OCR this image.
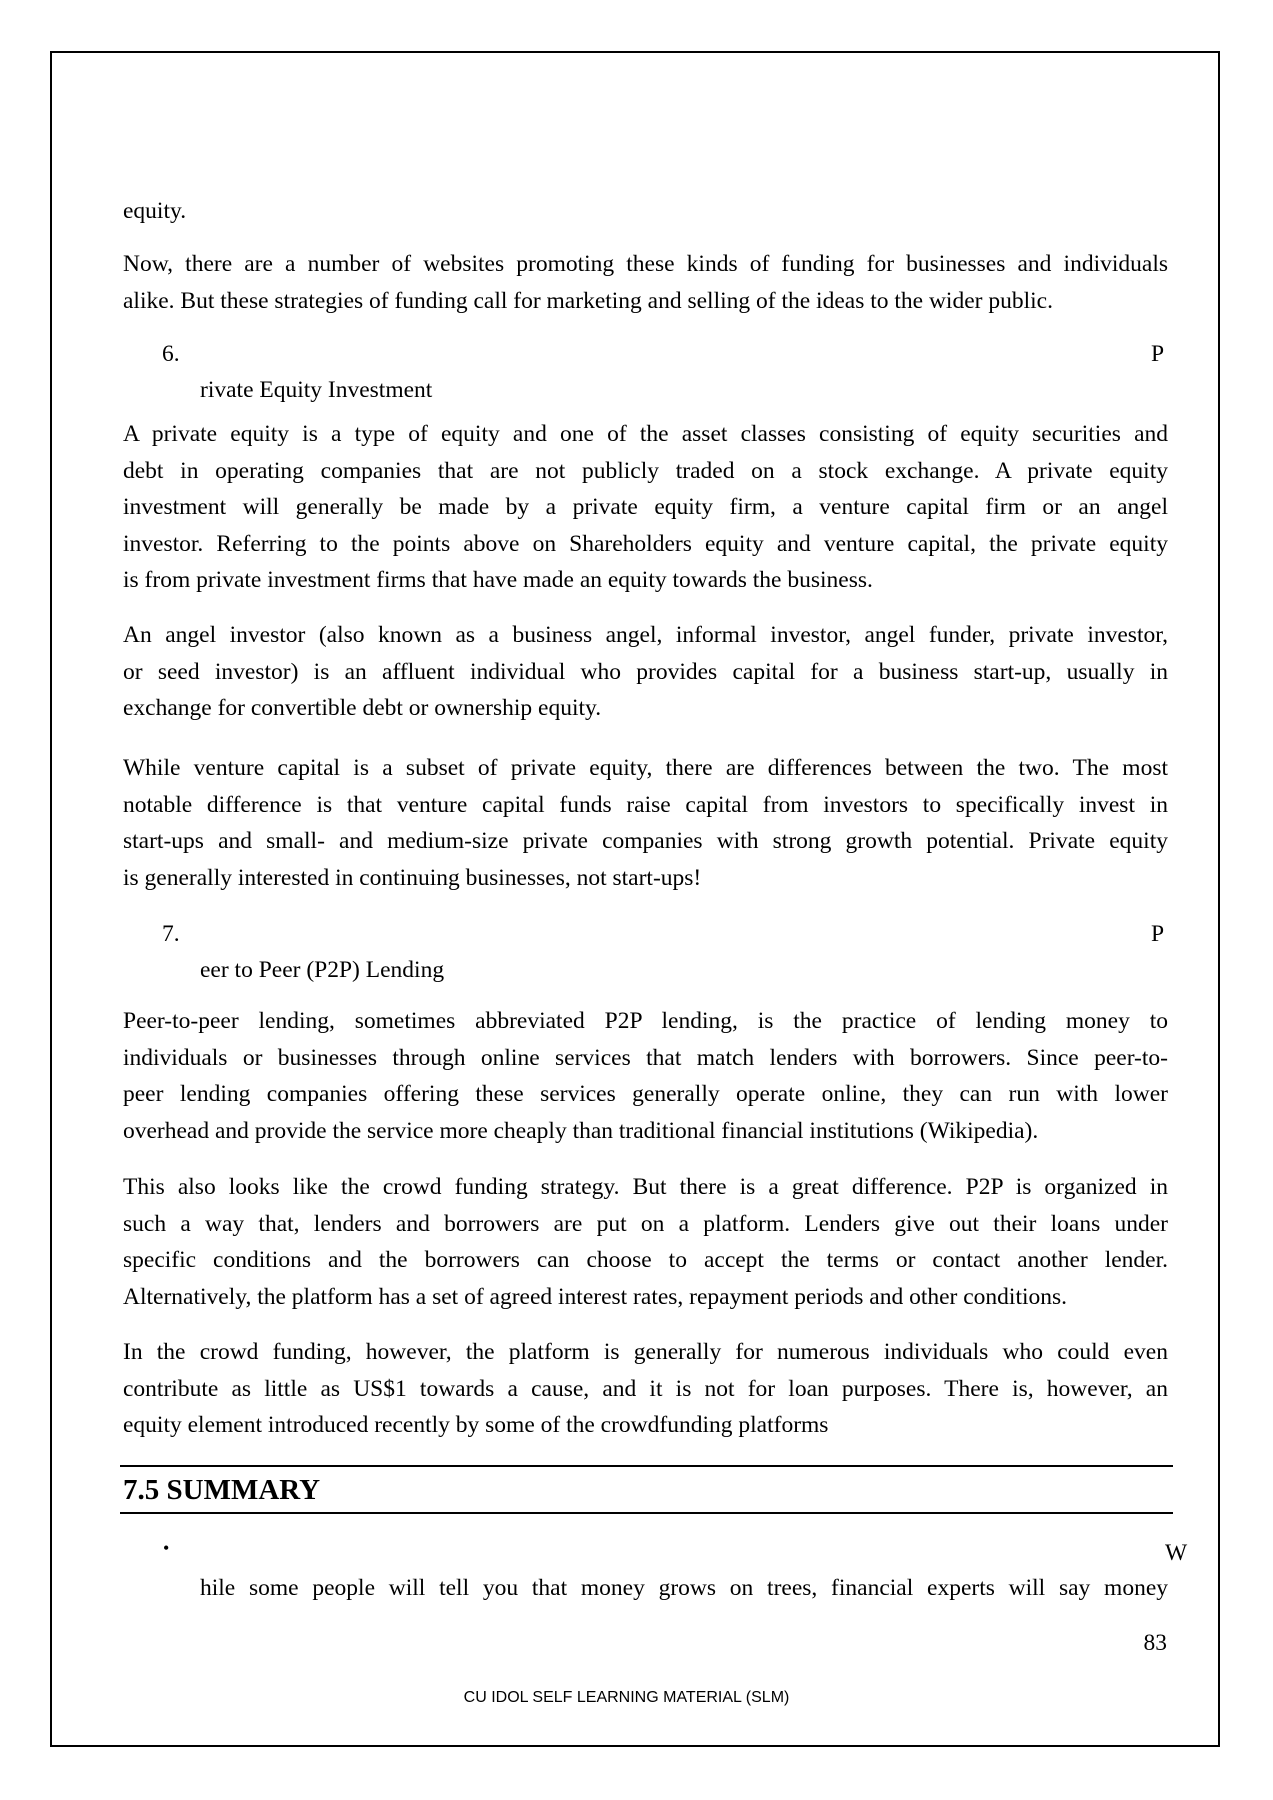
equity.
Now, there are a number of websites promoting these kinds of funding for businesses and individuals
alike. But these strategies of funding call for marketing and selling of the ideas to the wider public.
6.	P
rivate Equity Investment
A private equity is a type of equity and one of the asset classes consisting of equity securities and
debt in operating companies that are not publicly traded on a stock exchange. A private equity
investment will generally be made by a private equity firm, a venture capital firm or an angel
investor. Referring to the points above on Shareholders equity and venture capital, the private equity
is from private investment firms that have made an equity towards the business.
An angel investor (also known as a business angel, informal investor, angel funder, private investor,
or seed investor) is an affluent individual who provides capital for a business start-up, usually in
exchange for convertible debt or ownership equity.
While venture capital is a subset of private equity, there are differences between the two. The most
notable difference is that venture capital funds raise capital from investors to specifically invest in
start-ups and small- and medium-size private companies with strong growth potential. Private equity
is generally interested in continuing businesses, not start-ups!
7.	P
eer to Peer (P2P) Lending
Peer-to-peer lending, sometimes abbreviated P2P lending, is the practice of lending money to
individuals or businesses through online services that match lenders with borrowers. Since peer-to-
peer lending companies offering these services generally operate online, they can run with lower
overhead and provide the service more cheaply than traditional financial institutions (Wikipedia).
This also looks like the crowd funding strategy. But there is a great difference. P2P is organized in
such a way that, lenders and borrowers are put on a platform. Lenders give out their loans under
specific conditions and the borrowers can choose to accept the terms or contact another lender.
Alternatively, the platform has a set of agreed interest rates, repayment periods and other conditions.
In the crowd funding, however, the platform is generally for numerous individuals who could even
contribute as little as US$1 towards a cause, and it is not for loan purposes. There is, however, an
equity element introduced recently by some of the crowdfunding platforms
•	W
hile some people will tell you that money grows on trees, financial experts will say money
7.5 SUMMARY
83
CU IDOL SELF LEARNING MATERIAL (SLM)
